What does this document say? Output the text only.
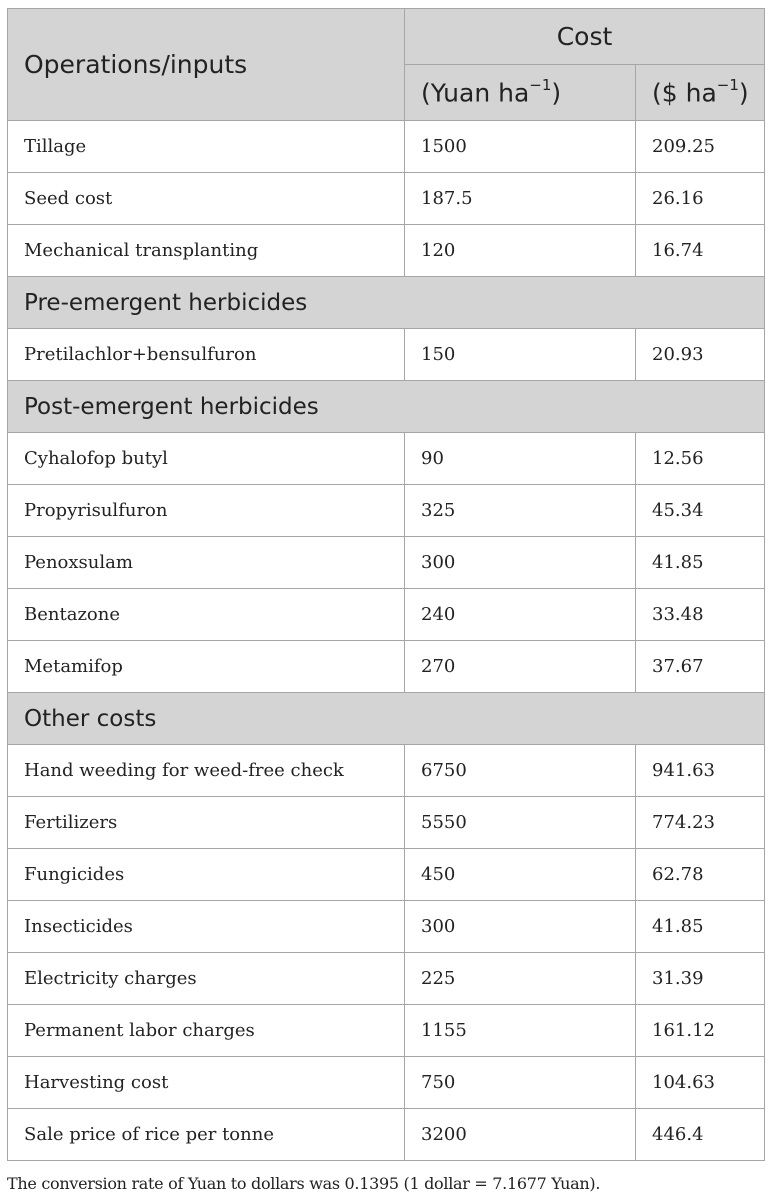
Operations/inputs	Cost	
	(Yuan $ha^{-1}$)	($ $ha^{-1}$)
Tillage	1500	209.25
Seed cost	187.5	26.16
Mechanical transplanting	120	16.74
Pre-emergent herbicides		
Pretilachlor+bensulfuron	150	20.93
Post-emergent herbicides		
Cyhalofop butyl	90	12.56
Propyrisulfuron	325	45.34
Penoxsulam	300	41.85
Bentazone	240	33.48
Metamifop	270	37.67
Other costs		
Hand weeding for weed-free check	6750	941.63
Fertilizers	5550	774.23
Fungicides	450	62.78
Insecticides	300	41.85
Electricity charges	225	31.39
Permanent labor charges	1155	161.12
Harvesting cost	750	104.63
Sale price of rice per tonne	3200	446.4
The conversion rate of Yuan to dollars was 0.1395 (1 dollar = 7.1677 Yuan).
